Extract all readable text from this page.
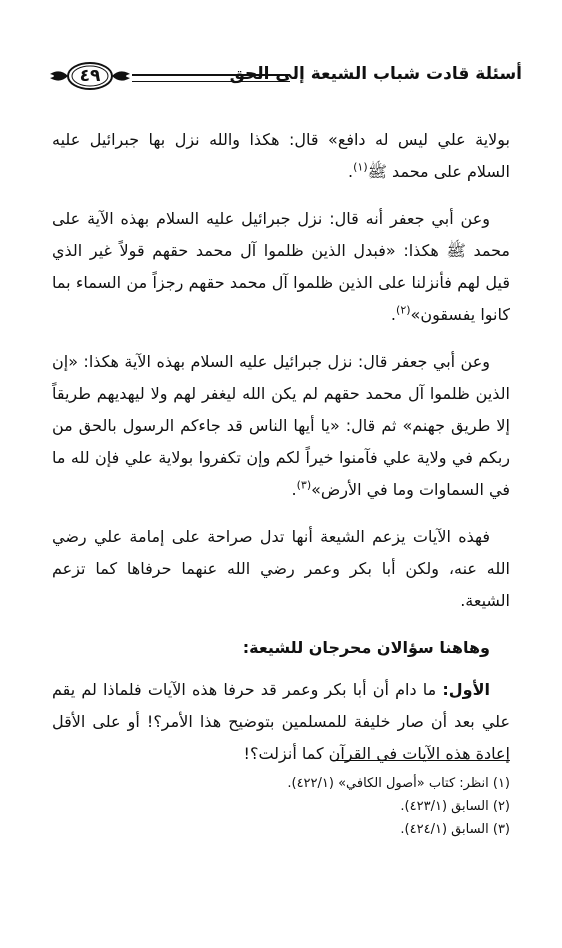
٤٩	أسئلة قادت شباب الشيعة إلى الحق

بولاية علي ليس له دافع» قال: هكذا والله نزل بها جبرائيل عليه السلام على محمد ﷺ$^{(١)}$.

وعن أبي جعفر أنه قال: نزل جبرائيل عليه السلام بهذه الآية على محمد ﷺ هكذا: «فبدل الذين ظلموا آل محمد حقهم قولاً غير الذي قيل لهم فأنزلنا على الذين ظلموا آل محمد حقهم رجزاً من السماء بما كانوا يفسقون»$^{(٢)}$.

وعن أبي جعفر قال: نزل جبرائيل عليه السلام بهذه الآية هكذا: «إن الذين ظلموا آل محمد حقهم لم يكن الله ليغفر لهم ولا ليهديهم طريقاً إلا طريق جهنم» ثم قال: «يا أيها الناس قد جاءكم الرسول بالحق من ربكم في ولاية علي فآمنوا خيراً لكم وإن تكفروا بولاية علي فإن لله ما في السماوات وما في الأرض»$^{(٣)}$.

فهذه الآيات يزعم الشيعة أنها تدل صراحة على إمامة علي رضي الله عنه، ولكن أبا بكر وعمر رضي الله عنهما حرفاها كما تزعم الشيعة.

وهاهنا سؤالان محرجان للشيعة:

الأول: ما دام أن أبا بكر وعمر قد حرفا هذه الآيات فلماذا لم يقم علي بعد أن صار خليفة للمسلمين بتوضيح هذا الأمر؟! أو على الأقل إعادة هذه الآيات في القرآن كما أنزلت؟!

(١) انظر: كتاب «أصول الكافي» (٤٢٢/١).
(٢) السابق (٤٢٣/١).
(٣) السابق (٤٢٤/١).
